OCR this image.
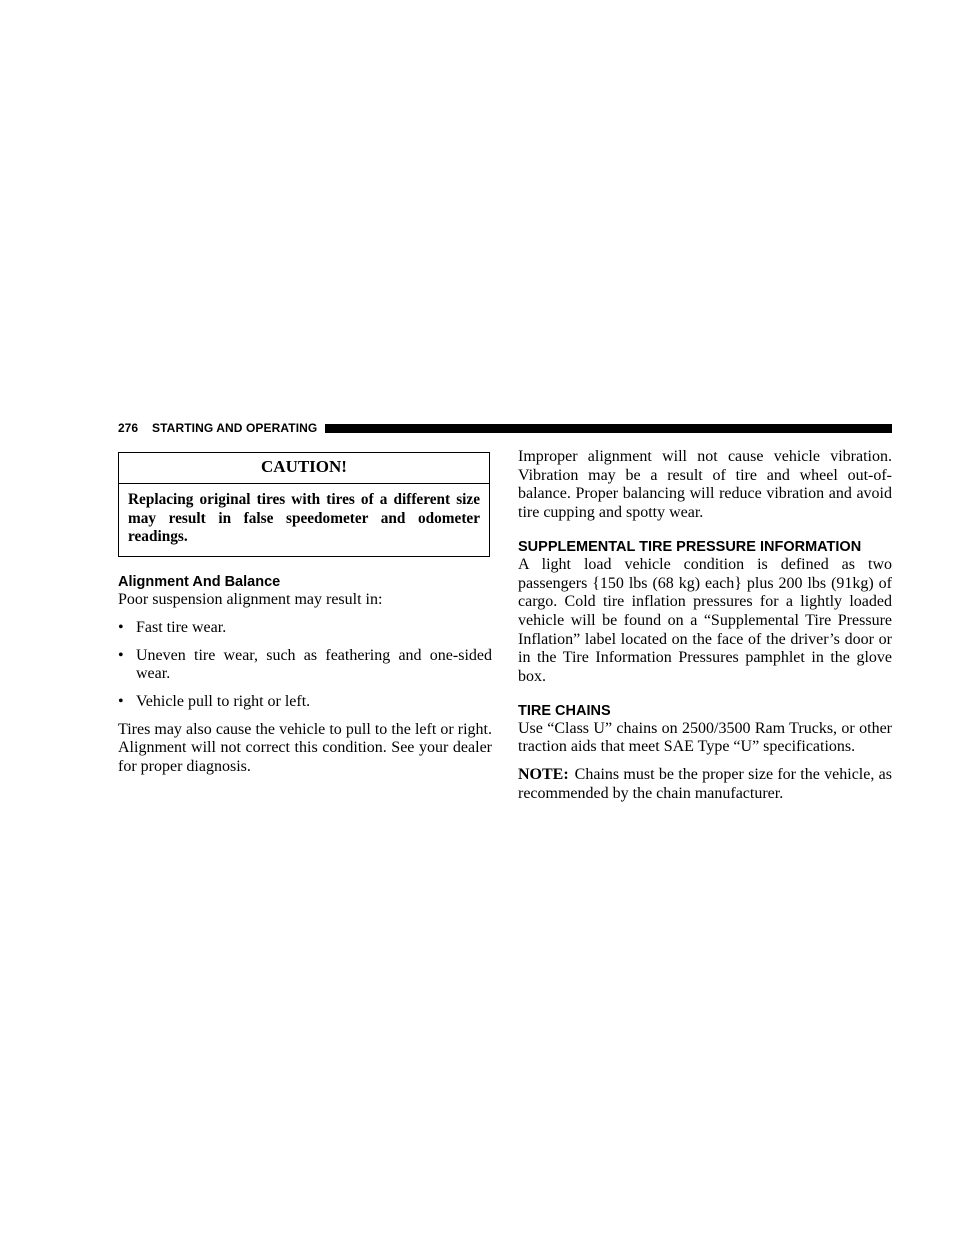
276 STARTING AND OPERATING
CAUTION!
Replacing original tires with tires of a different size may result in false speedometer and odometer readings.
Alignment And Balance

Poor suspension alignment may result in:

• Fast tire wear.
• Uneven tire wear, such as feathering and one-sided wear.
• Vehicle pull to right or left.

Tires may also cause the vehicle to pull to the left or right. Alignment will not correct this condition. See your dealer for proper diagnosis.

Improper alignment will not cause vehicle vibration. Vibration may be a result of tire and wheel out-of-balance. Proper balancing will reduce vibration and avoid tire cupping and spotty wear.

SUPPLEMENTAL TIRE PRESSURE INFORMATION

A light load vehicle condition is defined as two passengers {150 lbs (68 kg) each} plus 200 lbs (91kg) of cargo. Cold tire inflation pressures for a lightly loaded vehicle will be found on a “Supplemental Tire Pressure Inflation” label located on the face of the driver’s door or in the Tire Information Pressures pamphlet in the glove box.

TIRE CHAINS

Use “Class U” chains on 2500/3500 Ram Trucks, or other traction aids that meet SAE Type “U” specifications.

NOTE: Chains must be the proper size for the vehicle, as recommended by the chain manufacturer.
